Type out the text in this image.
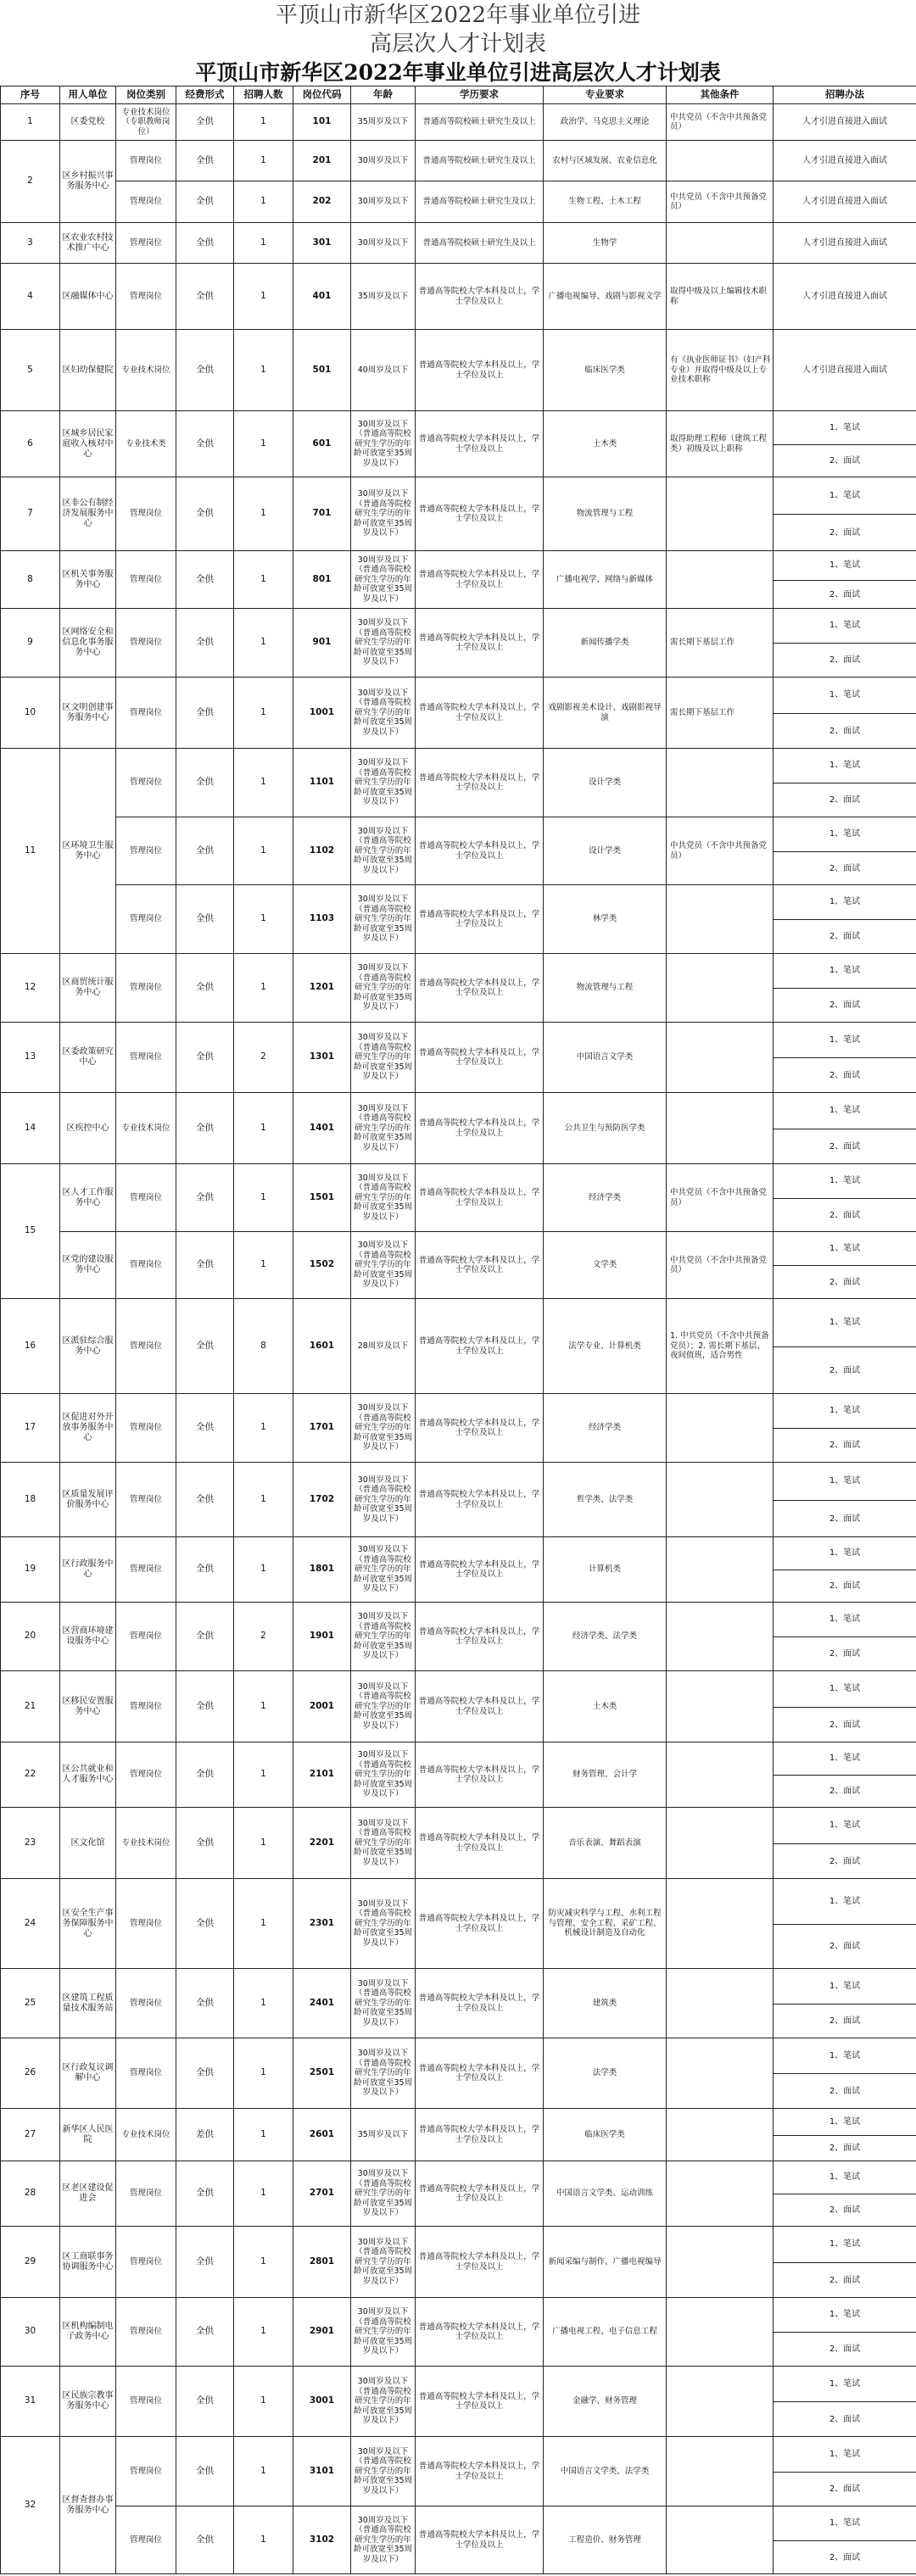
平顶山市新华区2022年事业单位引进
高层次人才计划表
平顶山市新华区2022年事业单位引进高层次人才计划表
序号	用人单位	岗位类别	经费形式	招聘人数	岗位代码	年龄	学历要求	专业要求	其他条件	招聘办法
1	区委党校	专业技术岗位（专职教师岗位）	全供	1	101	35周岁及以下	普通高等院校硕士研究生及以上	政治学、马克思主义理论	中共党员（不含中共预备党员）	人才引进直接进入面试
2	区乡村振兴事务服务中心	管理岗位	全供	1	201	30周岁及以下	普通高等院校硕士研究生及以上	农村与区域发展、农业信息化		人才引进直接进入面试
		管理岗位	全供	1	202	30周岁及以下	普通高等院校硕士研究生及以上	生物工程、土木工程	中共党员（不含中共预备党员）	人才引进直接进入面试
3	区农业农村技术推广中心	管理岗位	全供	1	301	30周岁及以下	普通高等院校硕士研究生及以上	生物学		人才引进直接进入面试
4	区融媒体中心	管理岗位	全供	1	401	35周岁及以下	普通高等院校大学本科及以上，学士学位及以上	广播电视编导、戏剧与影视文学	取得中级及以上编辑技术职称	人才引进直接进入面试
5	区妇幼保健院	专业技术岗位	全供	1	501	40周岁及以下	普通高等院校大学本科及以上，学士学位及以上	临床医学类	有《执业医师证书》（妇产科专业）并取得中级及以上专业技术职称	人才引进直接进入面试
6	区城乡居民家庭收入核对中心	专业技术类	全供	1	601	30周岁及以下（普通高等院校研究生学历的年龄可放宽至35周岁及以下）	普通高等院校大学本科及以上，学士学位及以上	土木类	取得助理工程师（建筑工程类）初级及以上职称	1、笔试
2、面试

7	区非公有制经济发展服务中心	管理岗位	全供	1	701	30周岁及以下（普通高等院校研究生学历的年龄可放宽至35周岁及以下）	普通高等院校大学本科及以上，学士学位及以上	物流管理与工程		1、笔试
2、面试

8	区机关事务服务中心	管理岗位	全供	1	801	30周岁及以下（普通高等院校研究生学历的年龄可放宽至35周岁及以下）	普通高等院校大学本科及以上，学士学位及以上	广播电视学、网络与新媒体		1、笔试
2、面试

9	区网络安全和信息化事务服务中心	管理岗位	全供	1	901	30周岁及以下（普通高等院校研究生学历的年龄可放宽至35周岁及以下）	普通高等院校大学本科及以上，学士学位及以上	新闻传播学类	需长期下基层工作	1、笔试
2、面试

10	区文明创建事务服务中心	管理岗位	全供	1	1001	30周岁及以下（普通高等院校研究生学历的年龄可放宽至35周岁及以下）	普通高等院校大学本科及以上，学士学位及以上	戏剧影视美术设计、戏剧影视导演	需长期下基层工作	1、笔试
2、面试

11	区环境卫生服务中心	管理岗位	全供	1	1101	30周岁及以下（普通高等院校研究生学历的年龄可放宽至35周岁及以下）	普通高等院校大学本科及以上，学士学位及以上	设计学类		1、笔试
2、面试

		管理岗位	全供	1	1102	30周岁及以下（普通高等院校研究生学历的年龄可放宽至35周岁及以下）	普通高等院校大学本科及以上，学士学位及以上	设计学类	中共党员（不含中共预备党员）	1、笔试
2、面试

		管理岗位	全供	1	1103	30周岁及以下（普通高等院校研究生学历的年龄可放宽至35周岁及以下）	普通高等院校大学本科及以上，学士学位及以上	林学类		1、笔试
2、面试

12	区商贸统计服务中心	管理岗位	全供	1	1201	30周岁及以下（普通高等院校研究生学历的年龄可放宽至35周岁及以下）	普通高等院校大学本科及以上，学士学位及以上	物流管理与工程		1、笔试
2、面试

13	区委政策研究中心	管理岗位	全供	2	1301	30周岁及以下（普通高等院校研究生学历的年龄可放宽至35周岁及以下）	普通高等院校大学本科及以上，学士学位及以上	中国语言文学类		1、笔试
2、面试

14	区疾控中心	专业技术岗位	全供	1	1401	30周岁及以下（普通高等院校研究生学历的年龄可放宽至35周岁及以下）	普通高等院校大学本科及以上，学士学位及以上	公共卫生与预防医学类		1、笔试
2、面试

15	区人才工作服务中心	管理岗位	全供	1	1501	30周岁及以下（普通高等院校研究生学历的年龄可放宽至35周岁及以下）	普通高等院校大学本科及以上，学士学位及以上	经济学类	中共党员（不含中共预备党员）	1、笔试
2、面试

	区党的建设服务中心	管理岗位	全供	1	1502	30周岁及以下（普通高等院校研究生学历的年龄可放宽至35周岁及以下）	普通高等院校大学本科及以上，学士学位及以上	文学类	中共党员（不含中共预备党员）	1、笔试
2、面试

16	区派驻综合服务中心	管理岗位	全供	8	1601	28周岁及以下	普通高等院校大学本科及以上，学士学位及以上	法学专业、计算机类	1. 中共党员（不含中共预备党员）；2. 需长期下基层、夜间值班，适合男性	1、笔试
2、面试

17	区促进对外开放事务服务中心	管理岗位	全供	1	1701	30周岁及以下（普通高等院校研究生学历的年龄可放宽至35周岁及以下）	普通高等院校大学本科及以上，学士学位及以上	经济学类		1、笔试
2、面试

18	区质量发展评价服务中心	管理岗位	全供	1	1702	30周岁及以下（普通高等院校研究生学历的年龄可放宽至35周岁及以下）	普通高等院校大学本科及以上，学士学位及以上	哲学类、法学类		1、笔试
2、面试

19	区行政服务中心	管理岗位	全供	1	1801	30周岁及以下（普通高等院校研究生学历的年龄可放宽至35周岁及以下）	普通高等院校大学本科及以上，学士学位及以上	计算机类		1、笔试
2、面试

20	区营商环境建设服务中心	管理岗位	全供	2	1901	30周岁及以下（普通高等院校研究生学历的年龄可放宽至35周岁及以下）	普通高等院校大学本科及以上，学士学位及以上	经济学类、法学类		1、笔试
2、面试

21	区移民安置服务中心	管理岗位	全供	1	2001	30周岁及以下（普通高等院校研究生学历的年龄可放宽至35周岁及以下）	普通高等院校大学本科及以上，学士学位及以上	土木类		1、笔试
2、面试

22	区公共就业和人才服务中心	管理岗位	全供	1	2101	30周岁及以下（普通高等院校研究生学历的年龄可放宽至35周岁及以下）	普通高等院校大学本科及以上，学士学位及以上	财务管理、会计学		1、笔试
2、面试

23	区文化馆	专业技术岗位	全供	1	2201	30周岁及以下（普通高等院校研究生学历的年龄可放宽至35周岁及以下）	普通高等院校大学本科及以上，学士学位及以上	音乐表演、舞蹈表演		1、笔试
2、面试

24	区安全生产事务保障服务中心	管理岗位	全供	1	2301	30周岁及以下（普通高等院校研究生学历的年龄可放宽至35周岁及以下）	普通高等院校大学本科及以上，学士学位及以上	防灾减灾科学与工程、水利工程与管理、安全工程、采矿工程、机械设计制造及自动化		1、笔试
2、面试

25	区建筑工程质量技术服务站	管理岗位	全供	1	2401	30周岁及以下（普通高等院校研究生学历的年龄可放宽至35周岁及以下）	普通高等院校大学本科及以上，学士学位及以上	建筑类		1、笔试
2、面试

26	区行政复议调解中心	管理岗位	全供	1	2501	30周岁及以下（普通高等院校研究生学历的年龄可放宽至35周岁及以下）	普通高等院校大学本科及以上，学士学位及以上	法学类		1、笔试
2、面试

27	新华区人民医院	专业技术岗位	差供	1	2601	35周岁及以下	普通高等院校大学本科及以上，学士学位及以上	临床医学类		1、笔试
2、面试

28	区老区建设促进会	管理岗位	全供	1	2701	30周岁及以下（普通高等院校研究生学历的年龄可放宽至35周岁及以下）	普通高等院校大学本科及以上，学士学位及以上	中国语言文学类、运动训练		1、笔试
2、面试

29	区工商联事务协调服务中心	管理岗位	全供	1	2801	30周岁及以下（普通高等院校研究生学历的年龄可放宽至35周岁及以下）	普通高等院校大学本科及以上，学士学位及以上	新闻采编与制作、广播电视编导		1、笔试
2、面试

30	区机构编制电子政务中心	管理岗位	全供	1	2901	30周岁及以下（普通高等院校研究生学历的年龄可放宽至35周岁及以下）	普通高等院校大学本科及以上，学士学位及以上	广播电视工程、电子信息工程		1、笔试
2、面试

31	区民族宗教事务服务中心	管理岗位	全供	1	3001	30周岁及以下（普通高等院校研究生学历的年龄可放宽至35周岁及以下）	普通高等院校大学本科及以上，学士学位及以上	金融学、财务管理		1、笔试
2、面试

32	区督查督办事务服务中心	管理岗位	全供	1	3101	30周岁及以下（普通高等院校研究生学历的年龄可放宽至35周岁及以下）	普通高等院校大学本科及以上，学士学位及以上	中国语言文学类、法学类		1、笔试
2、面试

		管理岗位	全供	1	3102	30周岁及以下（普通高等院校研究生学历的年龄可放宽至35周岁及以下）	普通高等院校大学本科及以上，学士学位及以上	工程造价、财务管理		1、笔试
2、面试
